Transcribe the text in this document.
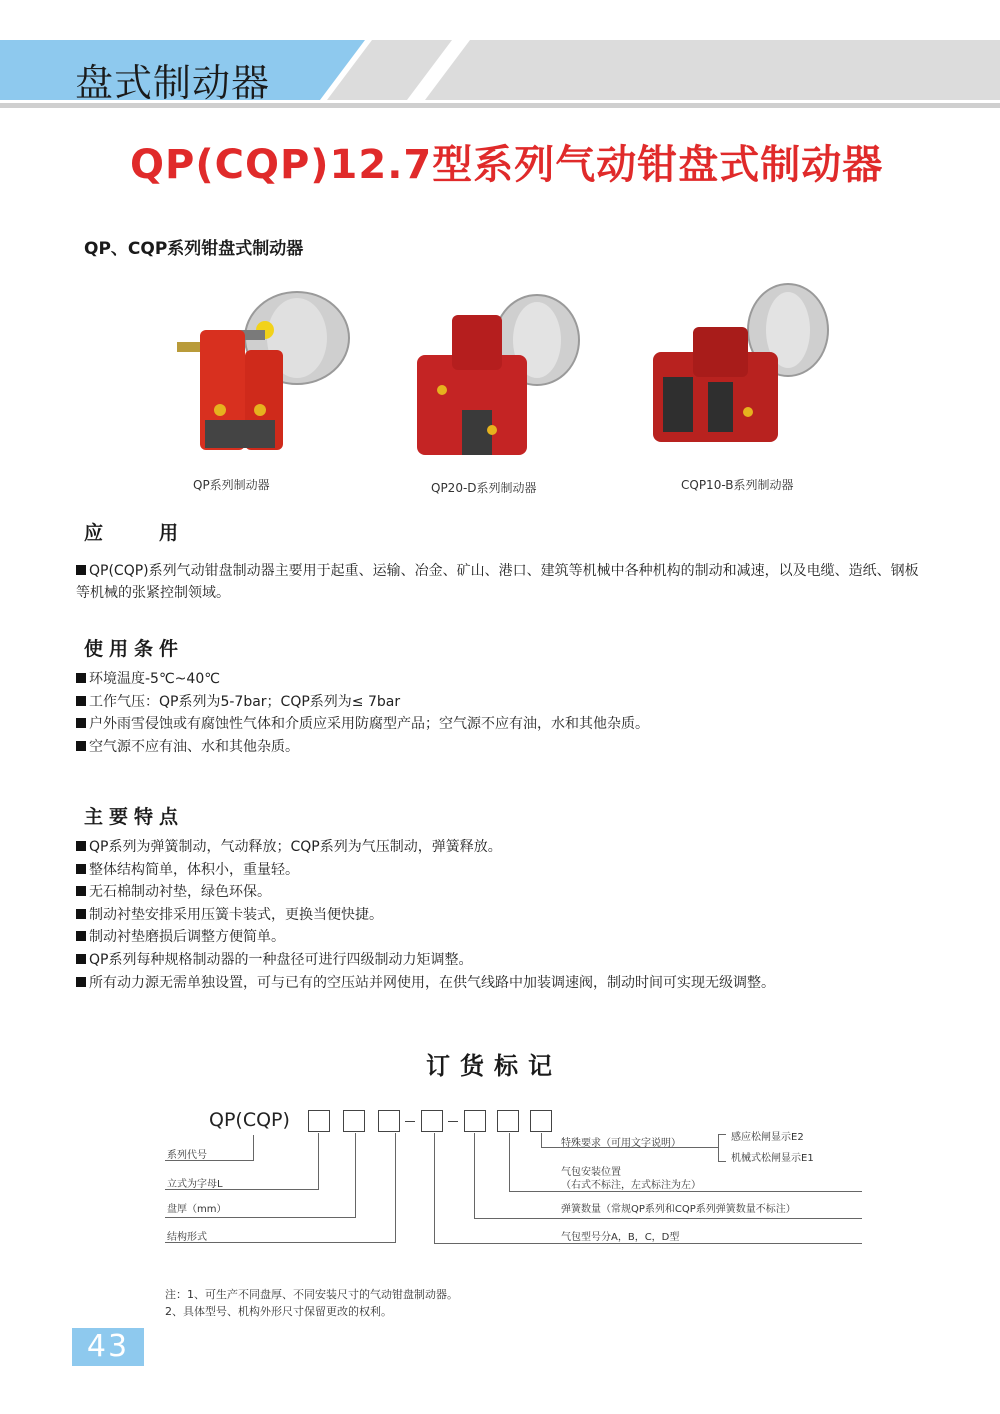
盘式制动器
QP(CQP)12.7型系列气动钳盘式制动器
QP、CQP系列钳盘式制动器
QP系列制动器	QP20-D系列制动器	CQP10-B系列制动器
应　　用
QP(CQP)系列气动钳盘制动器主要用于起重、运输、冶金、矿山、港口、建筑等机械中各种机构的制动和减速，以及电缆、造纸、钢板等机械的张紧控制领域。
使用条件
环境温度-5℃~40℃
工作气压：QP系列为5-7bar；CQP系列为≤ 7bar
户外雨雪侵蚀或有腐蚀性气体和介质应采用防腐型产品；空气源不应有油，水和其他杂质。
空气源不应有油、水和其他杂质。
主要特点
QP系列为弹簧制动，气动释放；CQP系列为气压制动，弹簧释放。
整体结构简单，体积小，重量轻。
无石棉制动衬垫，绿色环保。
制动衬垫安排采用压簧卡装式，更换当便快捷。
制动衬垫磨损后调整方便简单。
QP系列每种规格制动器的一种盘径可进行四级制动力矩调整。
所有动力源无需单独设置，可与已有的空压站并网使用，在供气线路中加装调速阀，制动时间可实现无级调整。
订货标记
QP(CQP)
系列代号
立式为字母L
盘厚（mm）
结构形式
特殊要求（可用文字说明）
感应松闸显示E2
机械式松闸显示E1
气包安装位置
（右式不标注，左式标注为左）
弹簧数量（常规QP系列和CQP系列弹簧数量不标注）
气包型号分A，B，C，D型
注：1、可生产不同盘厚、不同安装尺寸的气动钳盘制动器。
2、具体型号、机构外形尺寸保留更改的权利。
43
